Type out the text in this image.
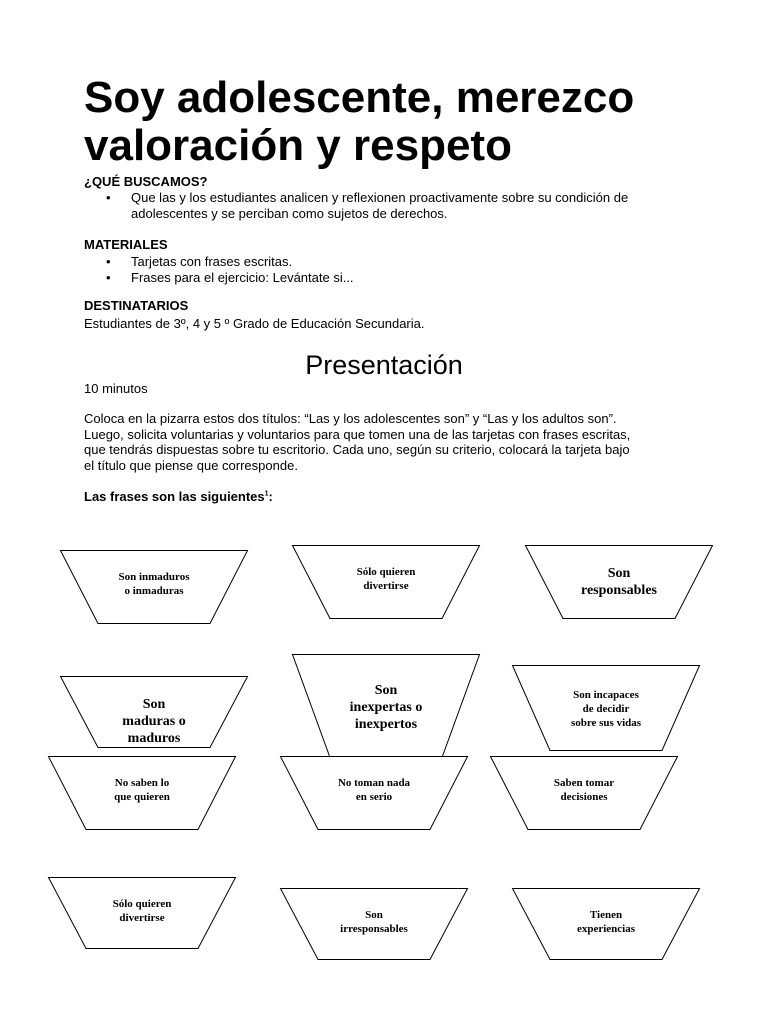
Soy adolescente, merezco
valoración y respeto
¿QUÉ BUSCAMOS?
• Que las y los estudiantes analicen y reflexionen proactivamente sobre su condición de
adolescentes y se perciban como sujetos de derechos.
MATERIALES
• Tarjetas con frases escritas.
• Frases para el ejercicio: Levántate si...
DESTINATARIOS

Estudiantes de 3º, 4 y 5 º Grado de Educación Secundaria.

Presentación

10 minutos

Coloca en la pizarra estos dos títulos: “Las y los adolescentes son” y “Las y los adultos son”.
Luego, solicita voluntarias y voluntarios para que tomen una de las tarjetas con frases escritas,
que tendrás dispuestas sobre tu escritorio. Cada uno, según su criterio, colocará la tarjeta bajo
el título que piense que corresponde.

Las frases son las siguientes$^1$:

Son inmaduros
o inmaduras
Sólo quieren
divertirse
Son
responsables
Son
maduras o
maduros
Son
inexpertas o
inexpertos
Son incapaces
de decidir
sobre sus vidas
No saben lo
que quieren
No toman nada
en serio
Saben tomar
decisiones
Sólo quieren
divertirse	Son
irresponsables
Tienen
experiencias
